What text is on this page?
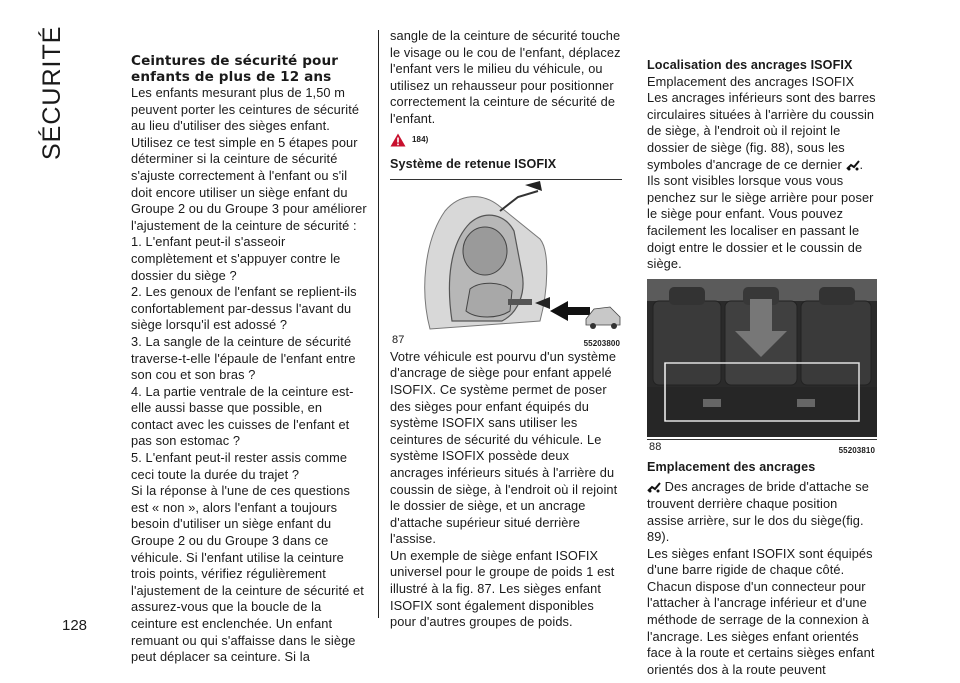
SÉCURITÉ
128

Ceintures de sécurité pour enfants de plus de 12 ans

Les enfants mesurant plus de 1,50 m peuvent porter les ceintures de sécurité au lieu d'utiliser des sièges enfant.

Utilisez ce test simple en 5 étapes pour déterminer si la ceinture de sécurité s'ajuste correctement à l'enfant ou s'il doit encore utiliser un siège enfant du Groupe 2 ou du Groupe 3 pour améliorer l'ajustement de la ceinture de sécurité :

1. L'enfant peut-il s'asseoir complètement et s'appuyer contre le dossier du siège ?

2. Les genoux de l'enfant se replient-ils confortablement par-dessus l'avant du siège lorsqu'il est adossé ?

3. La sangle de la ceinture de sécurité traverse-t-elle l'épaule de l'enfant entre son cou et son bras ?

4. La partie ventrale de la ceinture est-elle aussi basse que possible, en contact avec les cuisses de l'enfant et pas son estomac ?

5. L'enfant peut-il rester assis comme ceci toute la durée du trajet ?

Si la réponse à l'une de ces questions est « non », alors l'enfant a toujours besoin d'utiliser un siège enfant du Groupe 2 ou du Groupe 3 dans ce véhicule. Si l'enfant utilise la ceinture trois points, vérifiez régulièrement l'ajustement de la ceinture de sécurité et assurez-vous que la boucle de la ceinture est enclenchée. Un enfant remuant ou qui s'affaisse dans le siège peut déplacer sa ceinture. Si la

sangle de la ceinture de sécurité touche le visage ou le cou de l'enfant, déplacez l'enfant vers le milieu du véhicule, ou utilisez un rehausseur pour positionner correctement la ceinture de sécurité de l'enfant.

184)

Système de retenue ISOFIX

87	55203800

Votre véhicule est pourvu d'un système d'ancrage de siège pour enfant appelé ISOFIX. Ce système permet de poser des sièges pour enfant équipés du système ISOFIX sans utiliser les ceintures de sécurité du véhicule. Le système ISOFIX possède deux ancrages inférieurs situés à l'arrière du coussin de siège, à l'endroit où il rejoint le dossier de siège, et un ancrage d'attache supérieur situé derrière l'assise.

Un exemple de siège enfant ISOFIX universel pour le groupe de poids 1 est illustré à la fig. 87. Les sièges enfant ISOFIX sont également disponibles pour d'autres groupes de poids.

Localisation des ancrages ISOFIX

Emplacement des ancrages ISOFIX

Les ancrages inférieurs sont des barres circulaires situées à l'arrière du coussin de siège, à l'endroit où il rejoint le dossier de siège (fig. 88), sous les symboles d'ancrage de ce dernier . Ils sont visibles lorsque vous vous penchez sur le siège arrière pour poser le siège pour enfant. Vous pouvez facilement les localiser en passant le doigt entre le dossier et le coussin de siège.

88	55203810

Emplacement des ancrages

Des ancrages de bride d'attache se trouvent derrière chaque position assise arrière, sur le dos du siège(fig. 89).

Les sièges enfant ISOFIX sont équipés d'une barre rigide de chaque côté. Chacun dispose d'un connecteur pour l'attacher à l'ancrage inférieur et d'une méthode de serrage de la connexion à l'ancrage. Les sièges enfant orientés face à la route et certains sièges enfant orientés dos à la route peuvent
